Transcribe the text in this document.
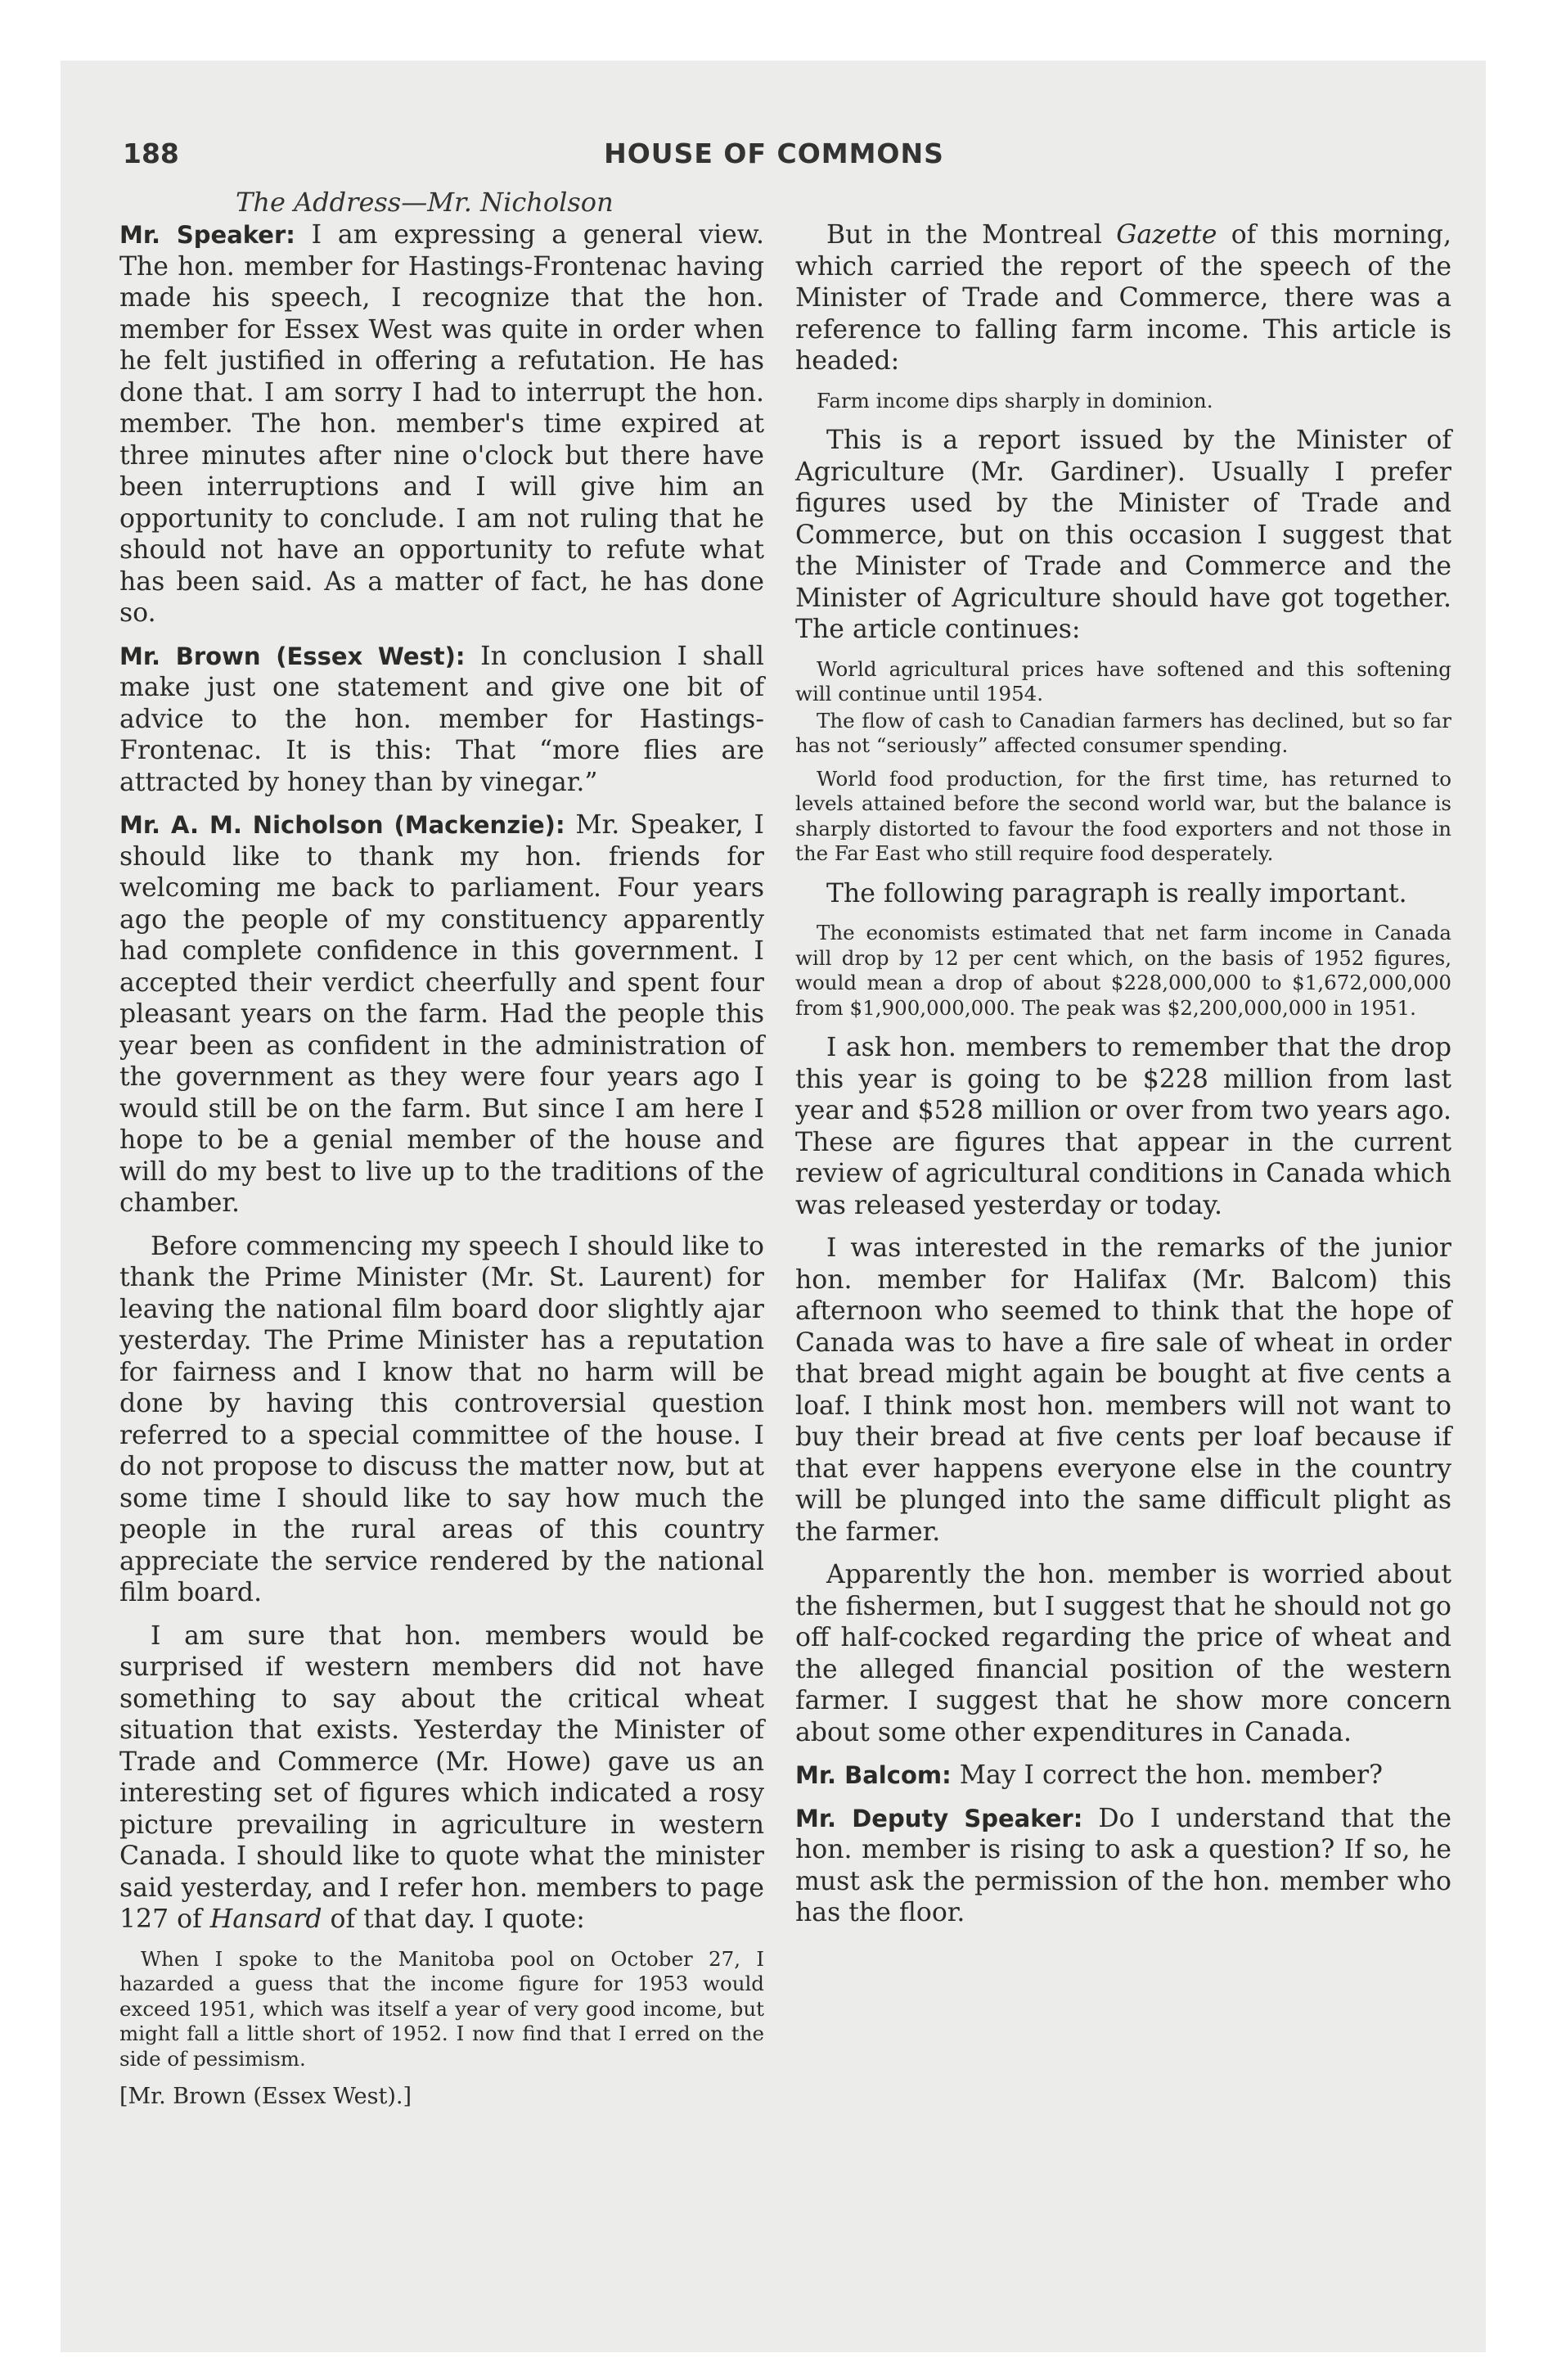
188	HOUSE OF COMMONS
The Address—Mr. Nicholson

Mr. Speaker: I am expressing a general view. The hon. member for Hastings-Frontenac having made his speech, I recognize that the hon. member for Essex West was quite in order when he felt justified in offering a refutation. He has done that. I am sorry I had to interrupt the hon. member. The hon. member's time expired at three minutes after nine o'clock but there have been interruptions and I will give him an opportunity to conclude. I am not ruling that he should not have an opportunity to refute what has been said. As a matter of fact, he has done so.

Mr. Brown (Essex West): In conclusion I shall make just one statement and give one bit of advice to the hon. member for Hastings-Frontenac. It is this: That “more flies are attracted by honey than by vinegar.”

Mr. A. M. Nicholson (Mackenzie): Mr. Speaker, I should like to thank my hon. friends for welcoming me back to parliament. Four years ago the people of my constituency apparently had complete confidence in this government. I accepted their verdict cheerfully and spent four pleasant years on the farm. Had the people this year been as confident in the administration of the government as they were four years ago I would still be on the farm. But since I am here I hope to be a genial member of the house and will do my best to live up to the traditions of the chamber.

Before commencing my speech I should like to thank the Prime Minister (Mr. St. Laurent) for leaving the national film board door slightly ajar yesterday. The Prime Minister has a reputation for fairness and I know that no harm will be done by having this controversial question referred to a special committee of the house. I do not propose to discuss the matter now, but at some time I should like to say how much the people in the rural areas of this country appreciate the service rendered by the national film board.

I am sure that hon. members would be surprised if western members did not have something to say about the critical wheat situation that exists. Yesterday the Minister of Trade and Commerce (Mr. Howe) gave us an interesting set of figures which indicated a rosy picture prevailing in agriculture in western Canada. I should like to quote what the minister said yesterday, and I refer hon. members to page 127 of Hansard of that day. I quote:

When I spoke to the Manitoba pool on October 27, I hazarded a guess that the income figure for 1953 would exceed 1951, which was itself a year of very good income, but might fall a little short of 1952. I now find that I erred on the side of pessimism.

[Mr. Brown (Essex West).]

But in the Montreal Gazette of this morning, which carried the report of the speech of the Minister of Trade and Commerce, there was a reference to falling farm income. This article is headed:

Farm income dips sharply in dominion.

This is a report issued by the Minister of Agriculture (Mr. Gardiner). Usually I prefer figures used by the Minister of Trade and Commerce, but on this occasion I suggest that the Minister of Trade and Commerce and the Minister of Agriculture should have got together. The article continues:

World agricultural prices have softened and this softening will continue until 1954.

The flow of cash to Canadian farmers has declined, but so far has not “seriously” affected consumer spending.

World food production, for the first time, has returned to levels attained before the second world war, but the balance is sharply distorted to favour the food exporters and not those in the Far East who still require food desperately.

The following paragraph is really important.

The economists estimated that net farm income in Canada will drop by 12 per cent which, on the basis of 1952 figures, would mean a drop of about $228,000,000 to $1,672,000,000 from $1,900,000,000. The peak was $2,200,000,000 in 1951.

I ask hon. members to remember that the drop this year is going to be $228 million from last year and $528 million or over from two years ago. These are figures that appear in the current review of agricultural conditions in Canada which was released yesterday or today.

I was interested in the remarks of the junior hon. member for Halifax (Mr. Balcom) this afternoon who seemed to think that the hope of Canada was to have a fire sale of wheat in order that bread might again be bought at five cents a loaf. I think most hon. members will not want to buy their bread at five cents per loaf because if that ever happens everyone else in the country will be plunged into the same difficult plight as the farmer.

Apparently the hon. member is worried about the fishermen, but I suggest that he should not go off half-cocked regarding the price of wheat and the alleged financial position of the western farmer. I suggest that he show more concern about some other expenditures in Canada.

Mr. Balcom: May I correct the hon. member?

Mr. Deputy Speaker: Do I understand that the hon. member is rising to ask a question? If so, he must ask the permission of the hon. member who has the floor.
